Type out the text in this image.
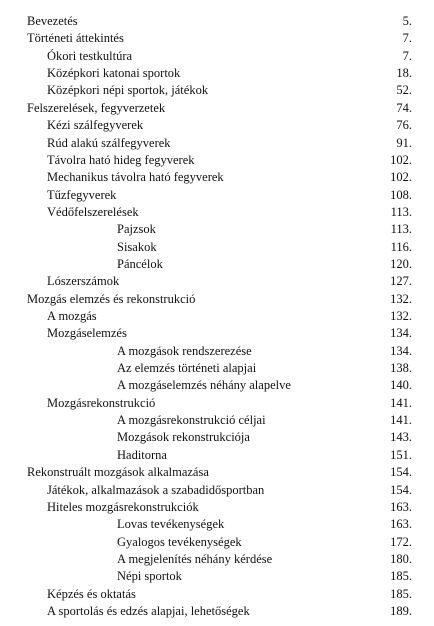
Bevezetés	5.
Történeti áttekintés	7.
Ókori testkultúra	7.
Középkori katonai sportok	18.
Középkori népi sportok, játékok	52.
Felszerelések, fegyverzetek	74.
Kézi szálfegyverek	76.
Rúd alakú szálfegyverek	91.
Távolra ható hideg fegyverek	102.
Mechanikus távolra ható fegyverek	102.
Tűzfegyverek	108.
Védőfelszerelések	113.
Pajzsok	113.
Sisakok	116.
Páncélok	120.
Lószerszámok	127.
Mozgás elemzés és rekonstrukció	132.
A mozgás	132.
Mozgáselemzés	134.
A mozgások rendszerezése	134.
Az elemzés történeti alapjai	138.
A mozgáselemzés néhány alapelve	140.
Mozgásrekonstrukció	141.
A mozgásrekonstrukció céljai	141.
Mozgások rekonstrukciója	143.
Haditorna	151.
Rekonstruált mozgások alkalmazása	154.
Játékok, alkalmazások a szabadidősportban	154.
Hiteles mozgásrekonstrukciók	163.
Lovas tevékenységek	163.
Gyalogos tevékenységek	172.
A megjelenítés néhány kérdése	180.
Népi sportok	185.
Képzés és oktatás	185.
A sportolás és edzés alapjai, lehetőségek	189.
